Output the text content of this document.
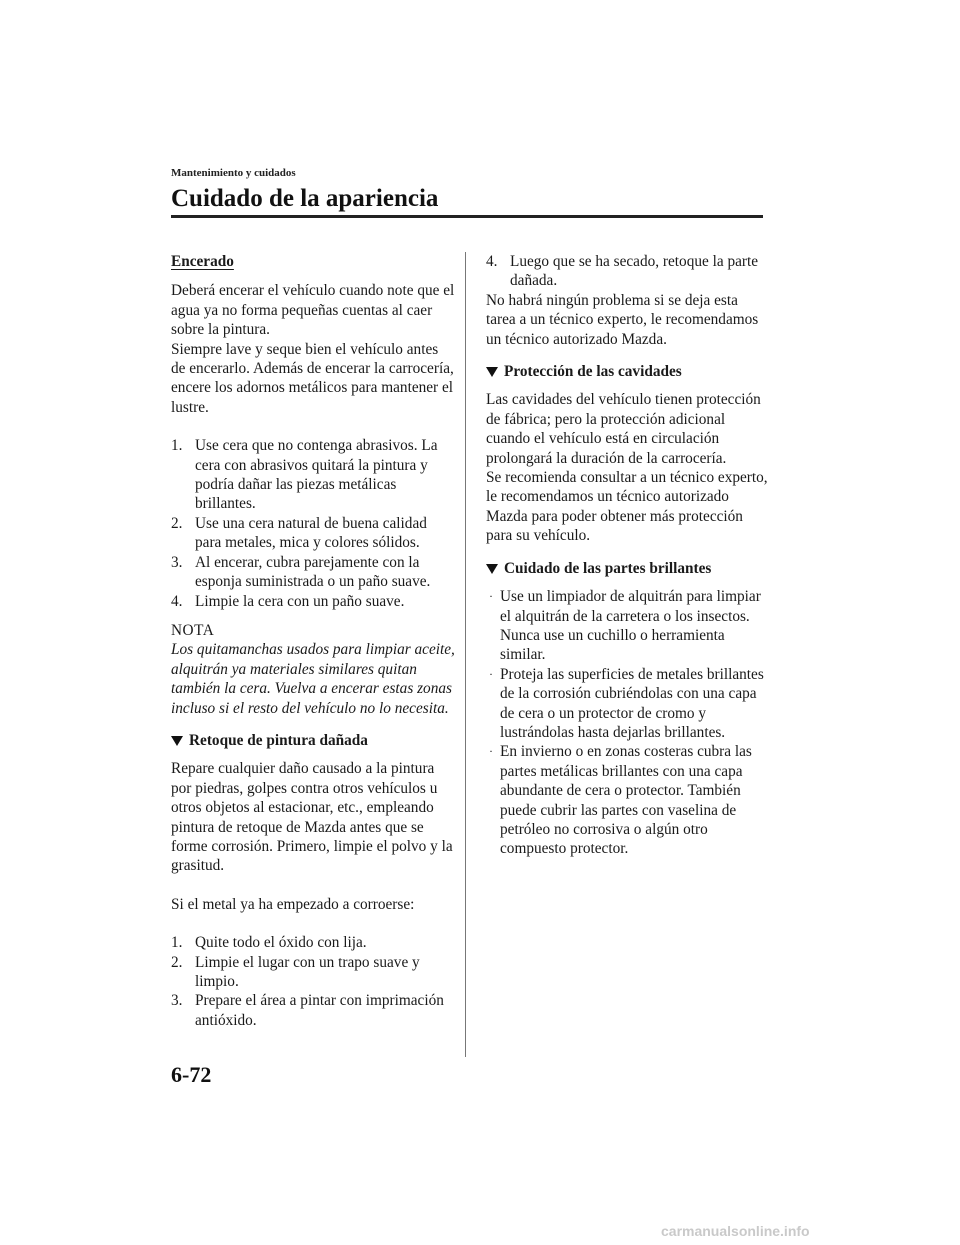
Mantenimiento y cuidados
Cuidado de la apariencia
Encerado

Deberá encerar el vehículo cuando note que el agua ya no forma pequeñas cuentas al caer sobre la pintura.

Siempre lave y seque bien el vehículo antes de encerarlo. Además de encerar la carrocería, encere los adornos metálicos para mantener el lustre.

1. Use cera que no contenga abrasivos. La cera con abrasivos quitará la pintura y podría dañar las piezas metálicas brillantes.
2. Use una cera natural de buena calidad para metales, mica y colores sólidos.
3. Al encerar, cubra parejamente con la esponja suministrada o un paño suave.
4. Limpie la cera con un paño suave.
NOTA

Los quitamanchas usados para limpiar aceite, alquitrán ya materiales similares quitan también la cera. Vuelva a encerar estas zonas incluso si el resto del vehículo no lo necesita.

Retoque de pintura dañada

Repare cualquier daño causado a la pintura por piedras, golpes contra otros vehículos u otros objetos al estacionar, etc., empleando pintura de retoque de Mazda antes que se forme corrosión. Primero, limpie el polvo y la grasitud.

Si el metal ya ha empezado a corroerse:

1. Quite todo el óxido con lija.
2. Limpie el lugar con un trapo suave y limpio.
3. Prepare el área a pintar con imprimación antióxido.
4. Luego que se ha secado, retoque la parte dañada.

No habrá ningún problema si se deja esta tarea a un técnico experto, le recomendamos un técnico autorizado Mazda.

Protección de las cavidades

Las cavidades del vehículo tienen protección de fábrica; pero la protección adicional cuando el vehículo está en circulación prolongará la duración de la carrocería.

Se recomienda consultar a un técnico experto, le recomendamos un técnico autorizado Mazda para poder obtener más protección para su vehículo.

Cuidado de las partes brillantes
· Use un limpiador de alquitrán para limpiar el alquitrán de la carretera o los insectos. Nunca use un cuchillo o herramienta similar.
· Proteja las superficies de metales brillantes de la corrosión cubriéndolas con una capa de cera o un protector de cromo y lustrándolas hasta dejarlas brillantes.
· En invierno o en zonas costeras cubra las partes metálicas brillantes con una capa abundante de cera o protector. También puede cubrir las partes con vaselina de petróleo no corrosiva o algún otro compuesto protector.
6-72
carmanualsonline.info
